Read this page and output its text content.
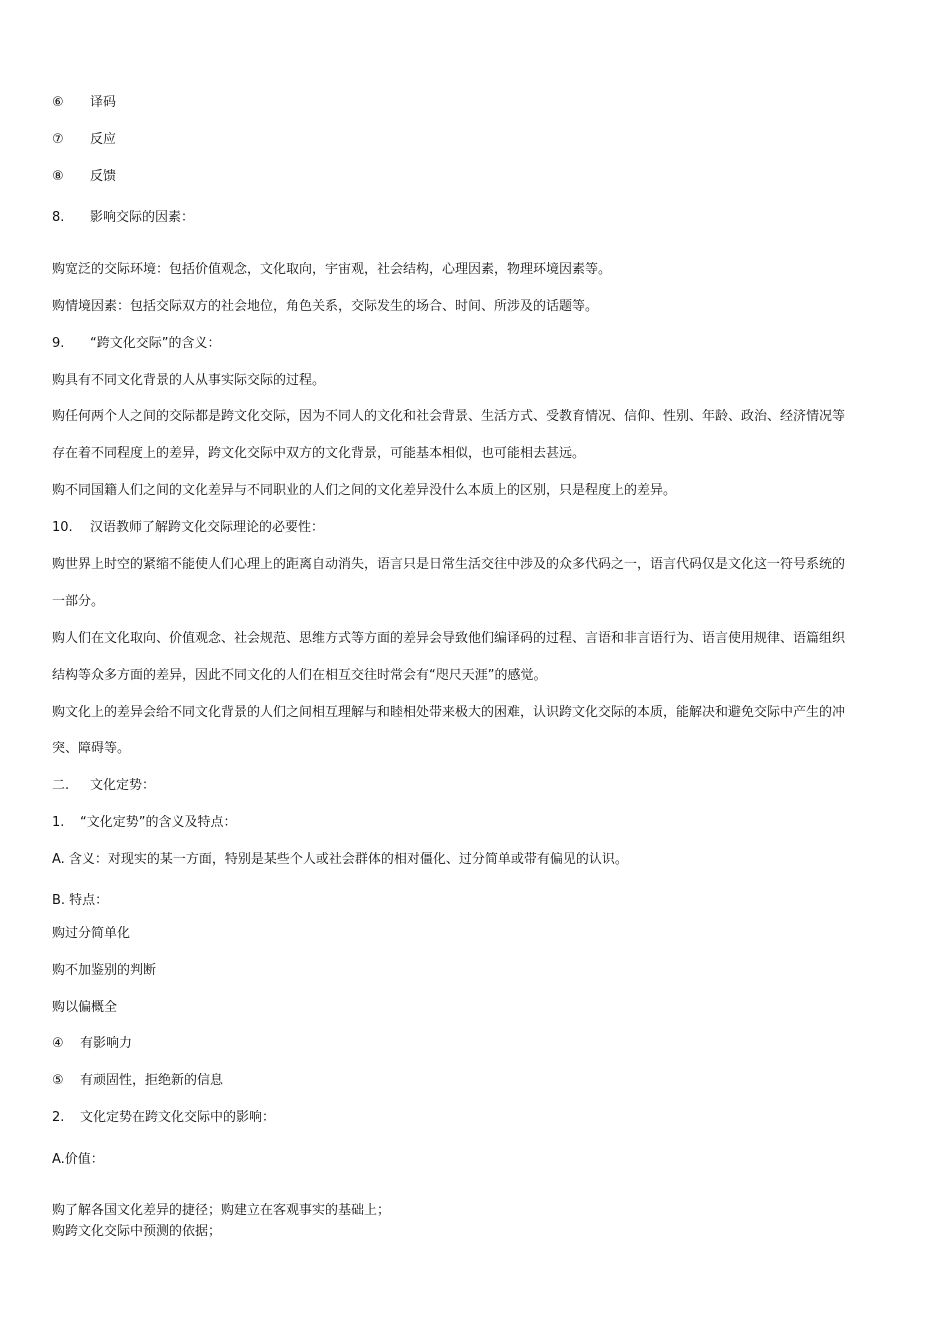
⑥ 译码
⑦ 反应
⑧ 反馈
8. 影响交际的因素：
购宽泛的交际环境：包括价值观念，文化取向，宇宙观，社会结构，心理因素，物理环境因素等。
购情境因素：包括交际双方的社会地位，角色关系，交际发生的场合、时间、所涉及的话题等。
9. “跨文化交际”的含义：
购具有不同文化背景的人从事实际交际的过程。
购任何两个人之间的交际都是跨文化交际，因为不同人的文化和社会背景、生活方式、受教育情况、信仰、性别、年龄、政治、经济情况等
存在着不同程度上的差异，跨文化交际中双方的文化背景，可能基本相似，也可能相去甚远。
购不同国籍人们之间的文化差异与不同职业的人们之间的文化差异没什么本质上的区别，只是程度上的差异。
10. 汉语教师了解跨文化交际理论的必要性：
购世界上时空的紧缩不能使人们心理上的距离自动消失，语言只是日常生活交往中涉及的众多代码之一，语言代码仅是文化这一符号系统的
一部分。
购人们在文化取向、价值观念、社会规范、思维方式等方面的差异会导致他们编译码的过程、言语和非言语行为、语言使用规律、语篇组织
结构等众多方面的差异，因此不同文化的人们在相互交往时常会有“咫尺天涯”的感觉。
购文化上的差异会给不同文化背景的人们之间相互理解与和睦相处带来极大的困难，认识跨文化交际的本质，能解决和避免交际中产生的冲
突、障碍等。
二. 文化定势：
1. “文化定势”的含义及特点：
A. 含义：对现实的某一方面，特别是某些个人或社会群体的相对僵化、过分简单或带有偏见的认识。
B. 特点：
购过分简单化
购不加鉴别的判断
购以偏概全
④ 有影响力
⑤ 有顽固性，拒绝新的信息
2. 文化定势在跨文化交际中的影响：
A.价值：
购了解各国文化差异的捷径；购建立在客观事实的基础上；
购跨文化交际中预测的依据；
